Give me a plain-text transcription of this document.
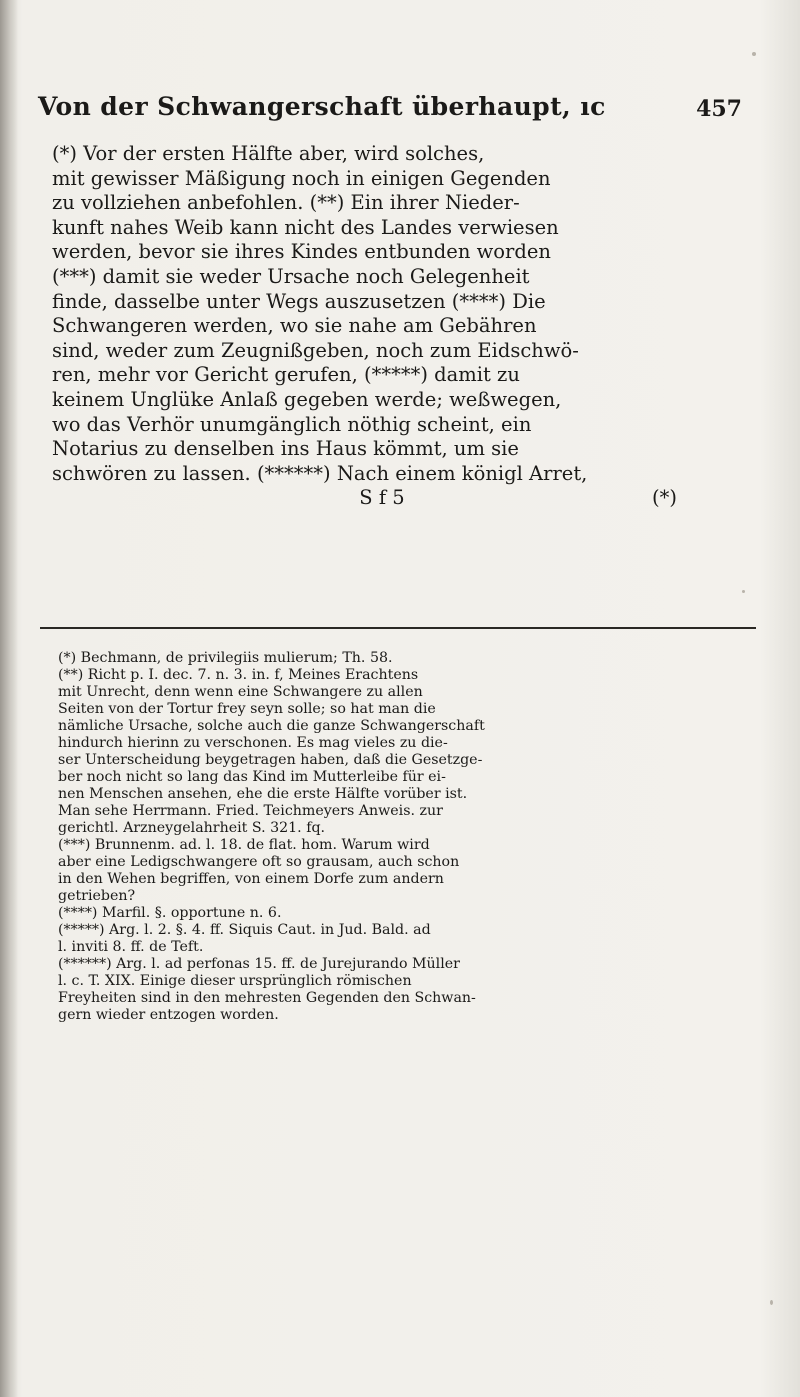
Von der Schwangerschaft überhaupt, ıc	457
(*) Vor der ersten Hälfte aber, wird solches,
mit gewisser Mäßigung noch in einigen Gegenden
zu vollziehen anbefohlen. (**) Ein ihrer Nieder-
kunft nahes Weib kann nicht des Landes verwiesen
werden, bevor sie ihres Kindes entbunden worden
(***) damit sie weder Ursache noch Gelegenheit
finde, dasselbe unter Wegs auszusetzen (****) Die
Schwangeren werden, wo sie nahe am Gebähren
sind, weder zum Zeugnißgeben, noch zum Eidschwö-
ren, mehr vor Gericht gerufen, (*****) damit zu
keinem Unglüke Anlaß gegeben werde; weßwegen,
wo das Verhör unumgänglich nöthig scheint, ein
Notarius zu denselben ins Haus kömmt, um sie
schwören zu lassen. (******) Nach einem königl Arret,
S f 5	(*)
(*) Bechmann, de privilegiis mulierum; Th. 58.
(**) Richt p. I. dec. 7. n. 3. in. f, Meines Erachtens
mit Unrecht, denn wenn eine Schwangere zu allen
Seiten von der Tortur frey seyn solle; so hat man die
nämliche Ursache, solche auch die ganze Schwangerschaft
hindurch hierinn zu verschonen. Es mag vieles zu die-
ser Unterscheidung beygetragen haben, daß die Gesetzge-
ber noch nicht so lang das Kind im Mutterleibe für ei-
nen Menschen ansehen, ehe die erste Hälfte vorüber ist.
Man sehe Herrmann. Fried. Teichmeyers Anweis. zur
gerichtl. Arzneygelahrheit S. 321. fq.
(***) Brunnenm. ad. l. 18. de flat. hom. Warum wird
aber eine Ledigschwangere oft so grausam, auch schon
in den Wehen begriffen, von einem Dorfe zum andern
getrieben?
(****) Marfil. §. opportune n. 6.
(*****) Arg. l. 2. §. 4. ff. Siquis Caut. in Jud. Bald. ad
l. inviti 8. ff. de Teft.
(******) Arg. l. ad perfonas 15. ff. de Jurejurando Müller
l. c. T. XIX. Einige dieser ursprünglich römischen
Freyheiten sind in den mehresten Gegenden den Schwan-
gern wieder entzogen worden.
